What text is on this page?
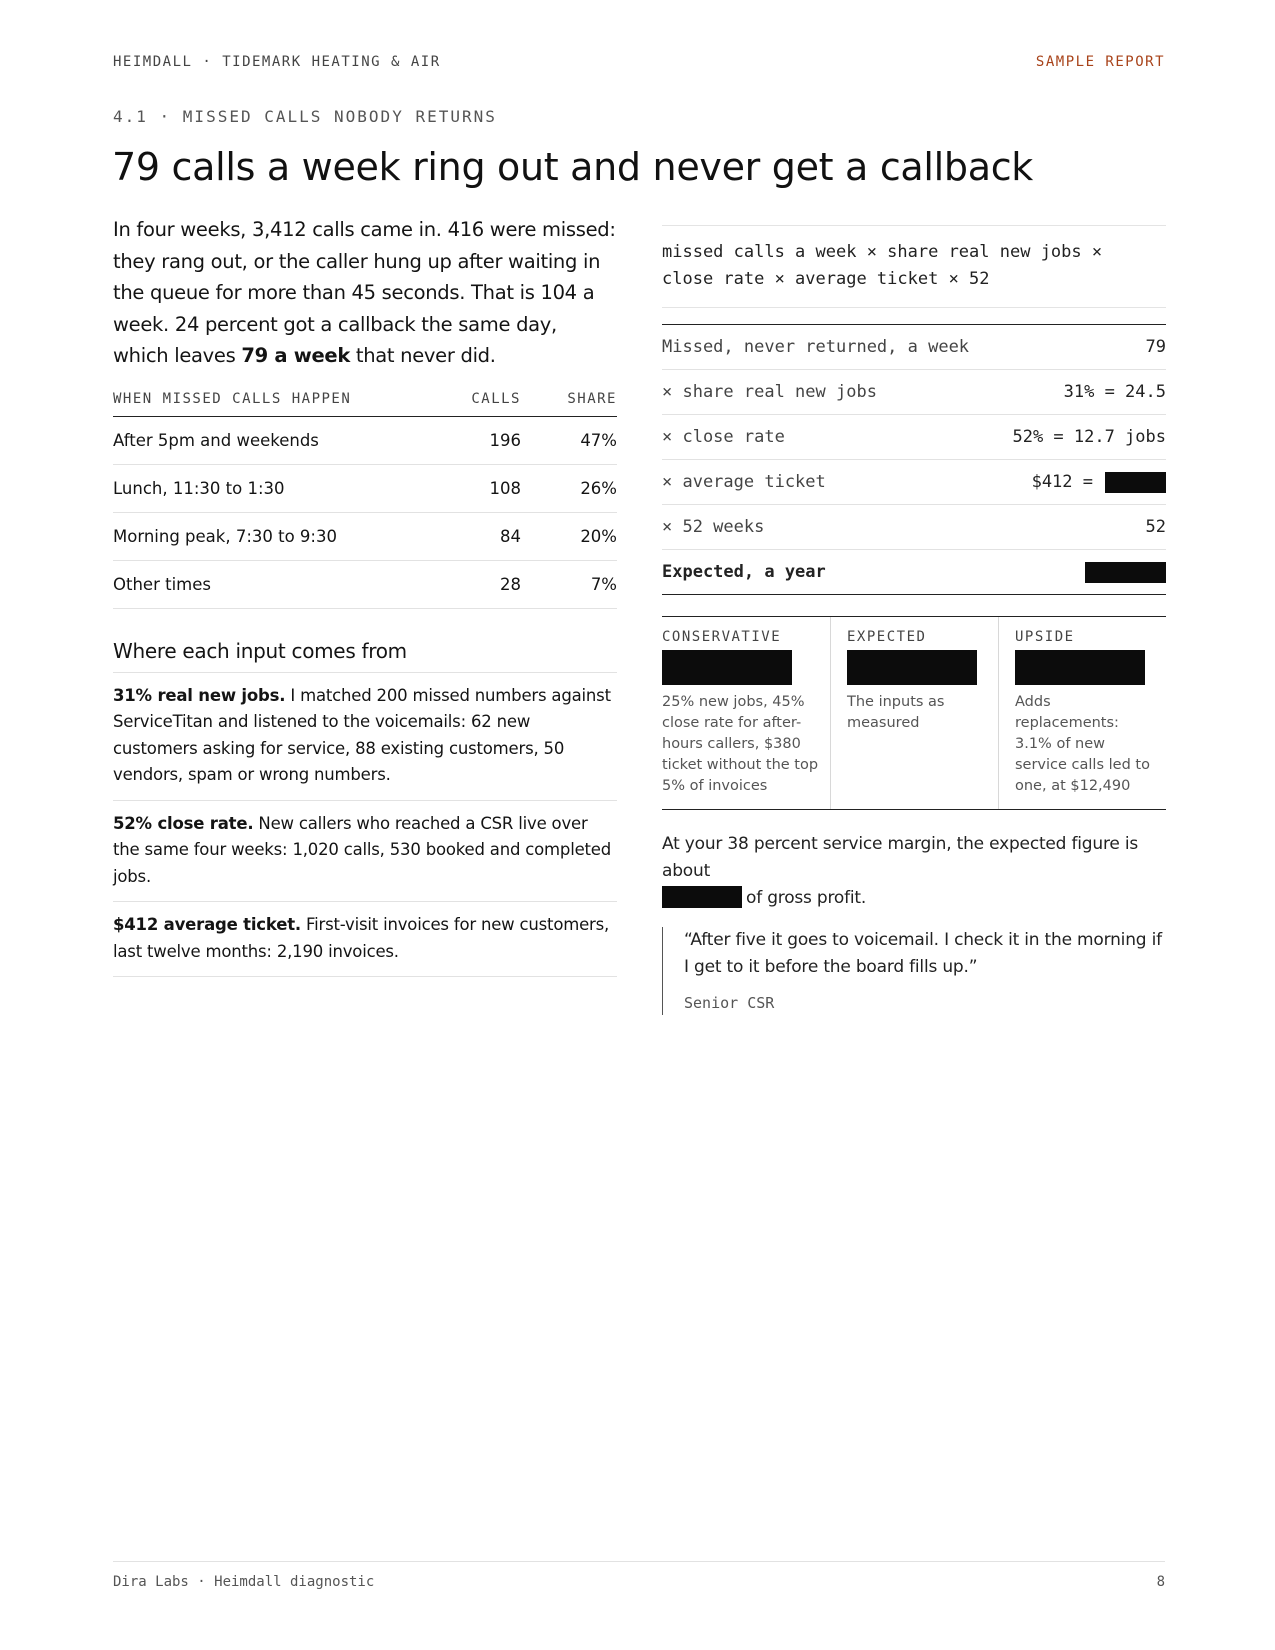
HEIMDALL · TIDEMARK HEATING & AIR	SAMPLE REPORT
4.1 · MISSED CALLS NOBODY RETURNS
79 calls a week ring out and never get a callback

In four weeks, 3,412 calls came in. 416 were missed: they rang out, or the caller hung up after waiting in the queue for more than 45 seconds. That is 104 a week. 24 percent got a callback the same day, which leaves 79 a week that never did.

WHEN MISSED CALLS HAPPEN	CALLS	SHARE
After 5pm and weekends	196	47%
Lunch, 11:30 to 1:30	108	26%
Morning peak, 7:30 to 9:30	84	20%
Other times	28	7%
Where each input comes from
31% real new jobs. I matched 200 missed numbers against ServiceTitan and listened to the voicemails: 62 new customers asking for service, 88 existing customers, 50 vendors, spam or wrong numbers.
52% close rate. New callers who reached a CSR live over the same four weeks: 1,020 calls, 530 booked and completed jobs.
$412 average ticket. First-visit invoices for new customers, last twelve months: 2,190 invoices.
missed calls a week × share real new jobs ×
close rate × average ticket × 52
Missed, never returned, a week	79
× share real new jobs	31% = 24.5
× close rate	52% = 12.7 jobs
× average ticket	$412 =
× 52 weeks	52
Expected, a year
CONSERVATIVE
25% new jobs, 45% close rate for after-hours callers, $380 ticket without the top 5% of invoices
EXPECTED
The inputs as measured
UPSIDE
Adds replacements: 3.1% of new service calls led to one, at $12,490
At your 38 percent service margin, the expected figure is about
of gross profit.

“After five it goes to voicemail. I check it in the morning if I get to it before the board fills up.”

Senior CSR
Dira Labs · Heimdall diagnostic	8
